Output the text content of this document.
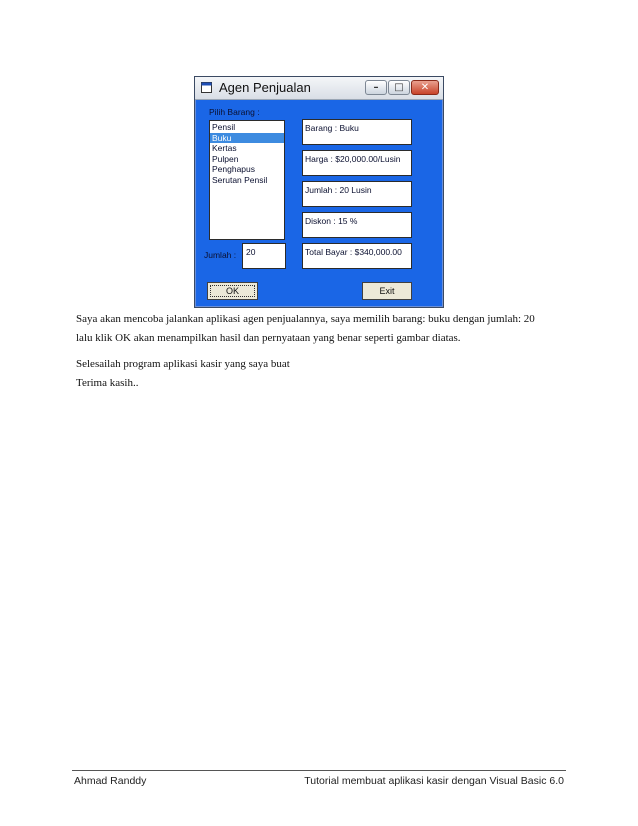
Agen Penjualan	–	□	✕
Pilih Barang :
Pensil
Buku
Kertas
Pulpen
Penghapus
Serutan Pensil
Barang : Buku
Harga : $20,000.00/Lusin
Jumlah : 20 Lusin
Diskon : 15 %
Total Bayar : $340,000.00
Jumlah :	20
OK	Exit
Saya akan mencoba jalankan aplikasi agen penjualannya, saya memilih barang: buku dengan jumlah: 20
lalu klik OK akan menampilkan hasil dan pernyataan yang benar seperti gambar diatas.
Selesailah program aplikasi kasir yang saya buat
Terima kasih..
Ahmad Randdy	Tutorial membuat aplikasi kasir dengan Visual Basic 6.0
